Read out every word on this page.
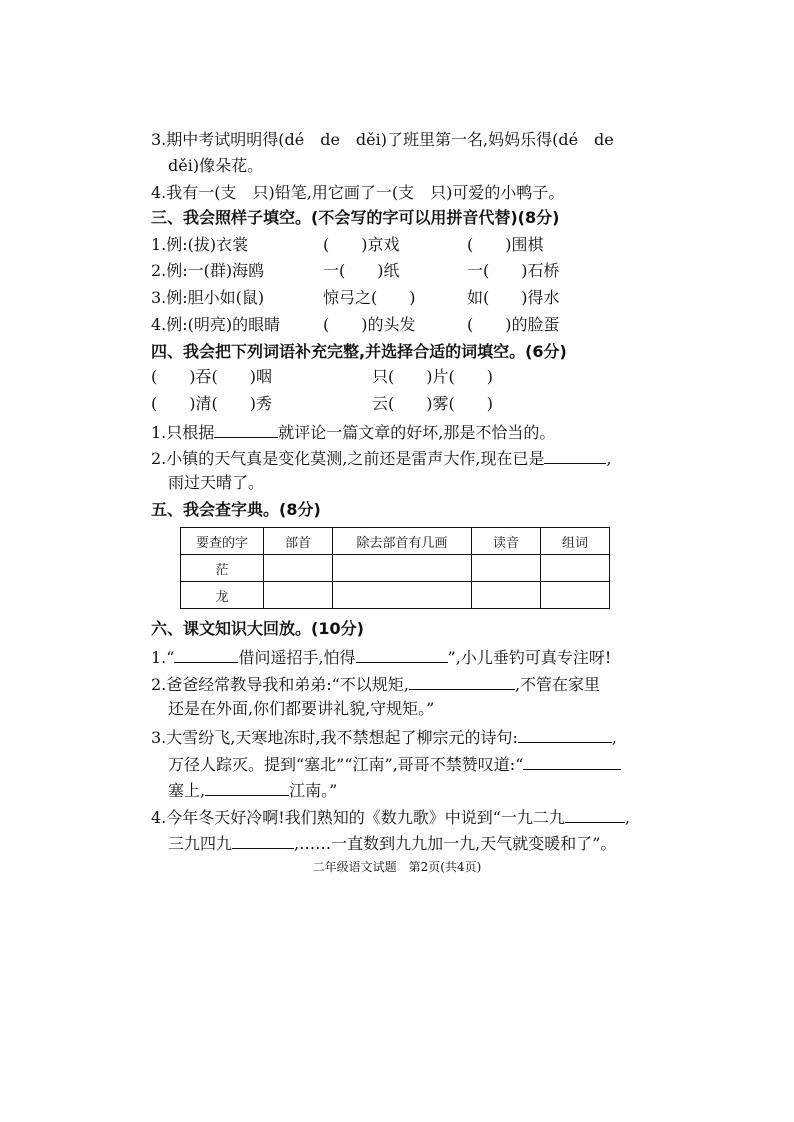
3.期中考试明明得(dé　de　děi)了班里第一名,妈妈乐得(dé　de
děi)像朵花。
4.我有一(支　只)铅笔,用它画了一(支　只)可爱的小鸭子。
三、我会照样子填空。(不会写的字可以用拼音代替)(8分)
1.例:(拔)衣裳	(　　)京戏	(　　)围棋
2.例:一(群)海鸥	一(　　)纸	一(　　)石桥
3.例:胆小如(鼠)	惊弓之(　　)	如(　　)得水
4.例:(明亮)的眼睛	(　　)的头发	(　　)的脸蛋
四、我会把下列词语补充完整,并选择合适的词填空。(6分)
(　　)吞(　　)咽	只(　　)片(　　)
(　　)清(　　)秀	云(　　)雾(　　)
1.只根据	就评论一篇文章的好坏,那是不恰当的。
2.小镇的天气真是变化莫测,之前还是雷声大作,现在已是	,
雨过天晴了。
五、我会查字典。(8分)
要查的字	部首	除去部首有几画	读音	组词
茫				
龙				
六、课文知识大回放。(10分)
1.“	借问遥招手,怕得	”,小儿垂钓可真专注呀!
2.爸爸经常教导我和弟弟:“不以规矩,	,不管在家里
还是在外面,你们都要讲礼貌,守规矩。”
3.大雪纷飞,天寒地冻时,我不禁想起了柳宗元的诗句:	,
万径人踪灭。提到“塞北”“江南”,哥哥不禁赞叹道:“
塞上,	江南。”
4.今年冬天好冷啊!我们熟知的《数九歌》中说到“一九二九	,
三九四九	,……一直数到九九加一九,天气就变暖和了”。
二年级语文试题　第2页(共4页)
